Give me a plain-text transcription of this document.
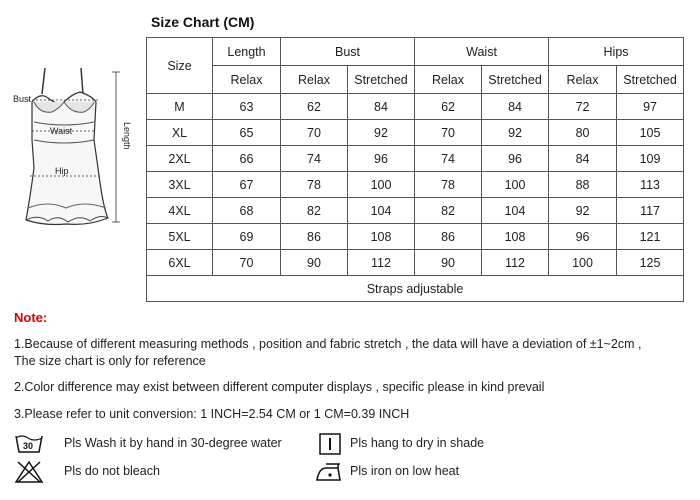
Size Chart (CM)
Bust
Waist
Hip
Length
Size	Length	Bust		Waist		Hips	
	Relax	Relax	Stretched	Relax	Stretched	Relax	Stretched
M	63	62	84	62	84	72	97
XL	65	70	92	70	92	80	105
2XL	66	74	96	74	96	84	109
3XL	67	78	100	78	100	88	113
4XL	68	82	104	82	104	92	117
5XL	69	86	108	86	108	96	121
6XL	70	90	112	90	112	100	125
Straps adjustable							
Note:
1.Because of different measuring methods , position and fabric stretch , the data will have a deviation of ±1~2cm ,
The size chart is only for reference
2.Color difference may exist between different computer displays , specific please in kind prevail
3.Please refer to unit conversion: 1 INCH=2.54 CM or 1 CM=0.39 INCH
30 Pls Wash it by hand in 30-degree water	Pls hang to dry in shade
Pls do not bleach	Pls iron on low heat
